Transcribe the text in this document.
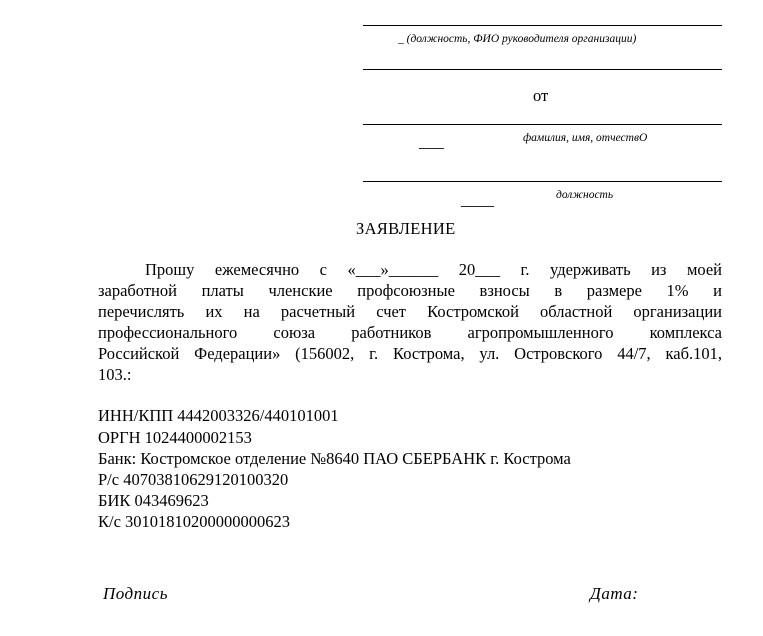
_ (должность, ФИО руководителя организации)
от
___	фамилия, имя, отчествО
____	должность
ЗАЯВЛЕНИЕ
Прошу ежемесячно с «___»______ 20___ г. удерживать из моей
заработной платы членские профсоюзные взносы в размере 1% и
перечислять их на расчетный счет Костромской областной организации
профессионального союза работников агропромышленного комплекса
Российской Федерации» (156002, г. Кострома, ул. Островского 44/7, каб.101,
103.:
ИНН/КПП 4442003326/440101001
ОРГН 1024400002153
Банк: Костромское отделение №8640 ПАО СБЕРБАНК г. Кострома
Р/с 40703810629120100320
БИК 043469623
К/с 30101810200000000623
Подпись	Дата:
